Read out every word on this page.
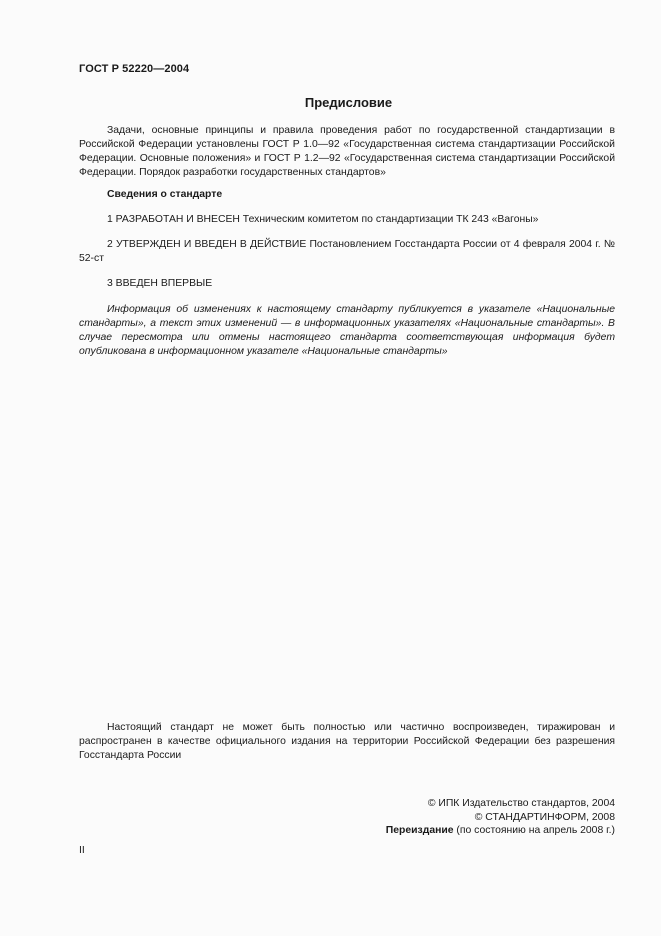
ГОСТ Р 52220—2004
Предисловие

Задачи, основные принципы и правила проведения работ по государственной стандартизации в Российской Федерации установлены ГОСТ Р 1.0—92 «Государственная система стандартизации Российской Федерации. Основные положения» и ГОСТ Р 1.2—92 «Государственная система стандартизации Российской Федерации. Порядок разработки государственных стандартов»

Сведения о стандарте

1 РАЗРАБОТАН И ВНЕСЕН Техническим комитетом по стандартизации ТК 243 «Вагоны»

2 УТВЕРЖДЕН И ВВЕДЕН В ДЕЙСТВИЕ Постановлением Госстандарта России от 4 февраля 2004 г. № 52-ст

3 ВВЕДЕН ВПЕРВЫЕ

Информация об изменениях к настоящему стандарту публикуется в указателе «Национальные стандарты», а текст этих изменений — в информационных указателях «Национальные стандарты». В случае пересмотра или отмены настоящего стандарта соответствующая информация будет опубликована в информационном указателе «Национальные стандарты»

Настоящий стандарт не может быть полностью или частично воспроизведен, тиражирован и распространен в качестве официального издания на территории Российской Федерации без разрешения Госстандарта России

© ИПК Издательство стандартов, 2004
© СТАНДАРТИНФОРМ, 2008
Переиздание (по состоянию на апрель 2008 г.)
II
